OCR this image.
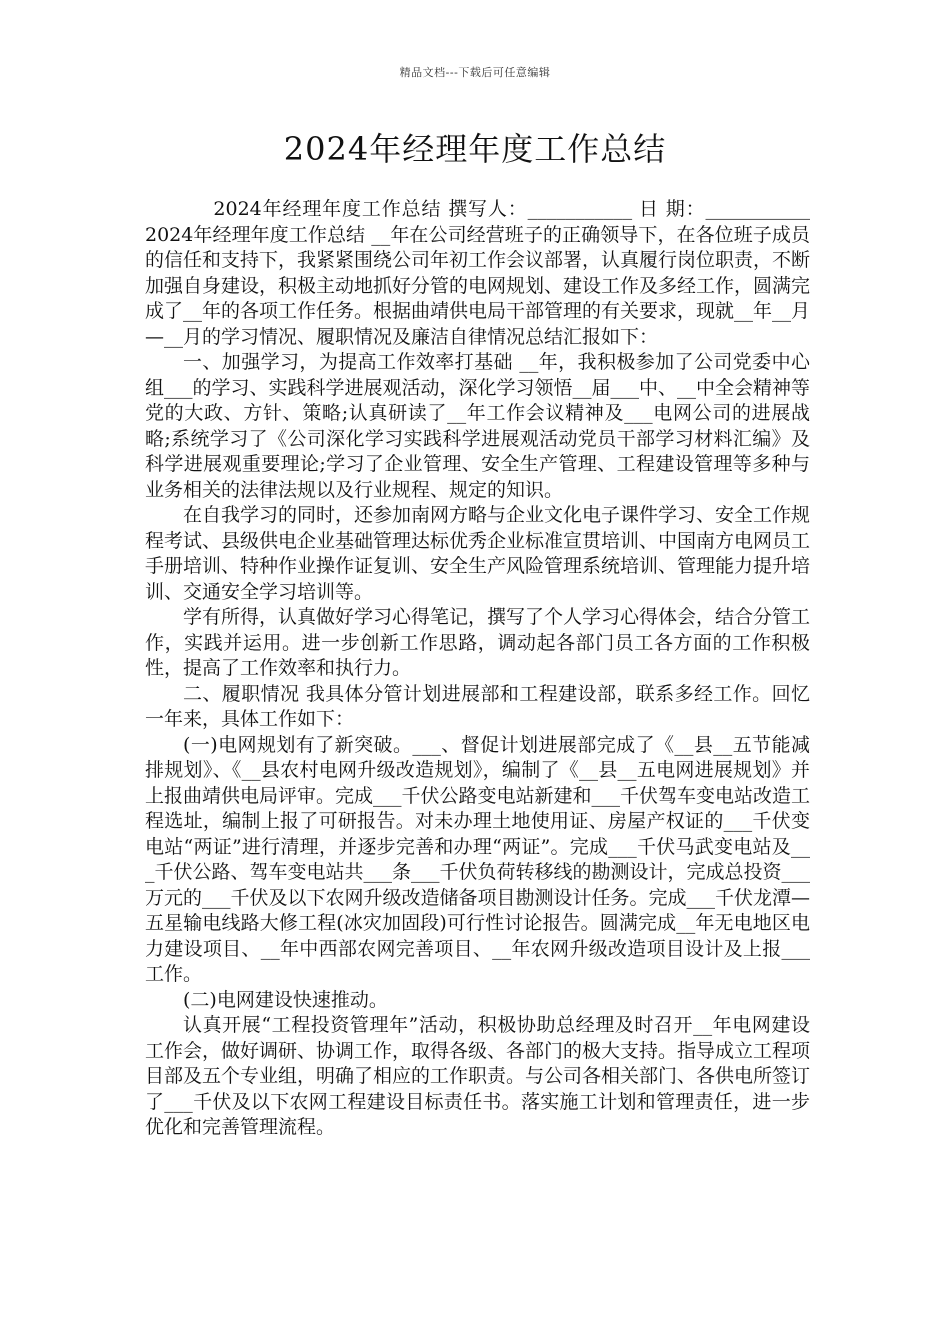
精品文档---下载后可任意编辑
2024年经理年度工作总结

2024年经理年度工作总结 撰写人：___________ 日 期：___________ 2024年经理年度工作总结 __年在公司经营班子的正确领导下，在各位班子成员的信任和支持下，我紧紧围绕公司年初工作会议部署，认真履行岗位职责，不断加强自身建设，积极主动地抓好分管的电网规划、建设工作及多经工作，圆满完成了__年的各项工作任务。根据曲靖供电局干部管理的有关要求，现就__年__月—__月的学习情况、履职情况及廉洁自律情况总结汇报如下：

一、加强学习，为提高工作效率打基础 __年，我积极参加了公司党委中心组___的学习、实践科学进展观活动，深化学习领悟__届___中、__中全会精神等党的大政、方针、策略;认真研读了__年工作会议精神及___电网公司的进展战略;系统学习了《公司深化学习实践科学进展观活动党员干部学习材料汇编》及科学进展观重要理论;学习了企业管理、安全生产管理、工程建设管理等多种与业务相关的法律法规以及行业规程、规定的知识。

在自我学习的同时，还参加南网方略与企业文化电子课件学习、安全工作规程考试、县级供电企业基础管理达标优秀企业标准宣贯培训、中国南方电网员工手册培训、特种作业操作证复训、安全生产风险管理系统培训、管理能力提升培训、交通安全学习培训等。

学有所得，认真做好学习心得笔记，撰写了个人学习心得体会，结合分管工作，实践并运用。进一步创新工作思路，调动起各部门员工各方面的工作积极性，提高了工作效率和执行力。

二、履职情况 我具体分管计划进展部和工程建设部，联系多经工作。回忆一年来，具体工作如下：

(一)电网规划有了新突破。___、督促计划进展部完成了《__县__五节能减排规划》、《__县农村电网升级改造规划》，编制了《__县__五电网进展规划》并上报曲靖供电局评审。完成___千伏公路变电站新建和___千伏驾车变电站改造工程选址，编制上报了可研报告。对未办理土地使用证、房屋产权证的___千伏变电站“两证”进行清理，并逐步完善和办理“两证”。完成___千伏马武变电站及___千伏公路、驾车变电站共___条___千伏负荷转移线的勘测设计，完成总投资___万元的___千伏及以下农网升级改造储备项目勘测设计任务。完成___千伏龙潭—五星输电线路大修工程(冰灾加固段)可行性讨论报告。圆满完成__年无电地区电力建设项目、__年中西部农网完善项目、__年农网升级改造项目设计及上报___工作。

(二)电网建设快速推动。

认真开展“工程投资管理年”活动，积极协助总经理及时召开__年电网建设工作会，做好调研、协调工作，取得各级、各部门的极大支持。指导成立工程项目部及五个专业组，明确了相应的工作职责。与公司各相关部门、各供电所签订了___千伏及以下农网工程建设目标责任书。落实施工计划和管理责任，进一步优化和完善管理流程。
